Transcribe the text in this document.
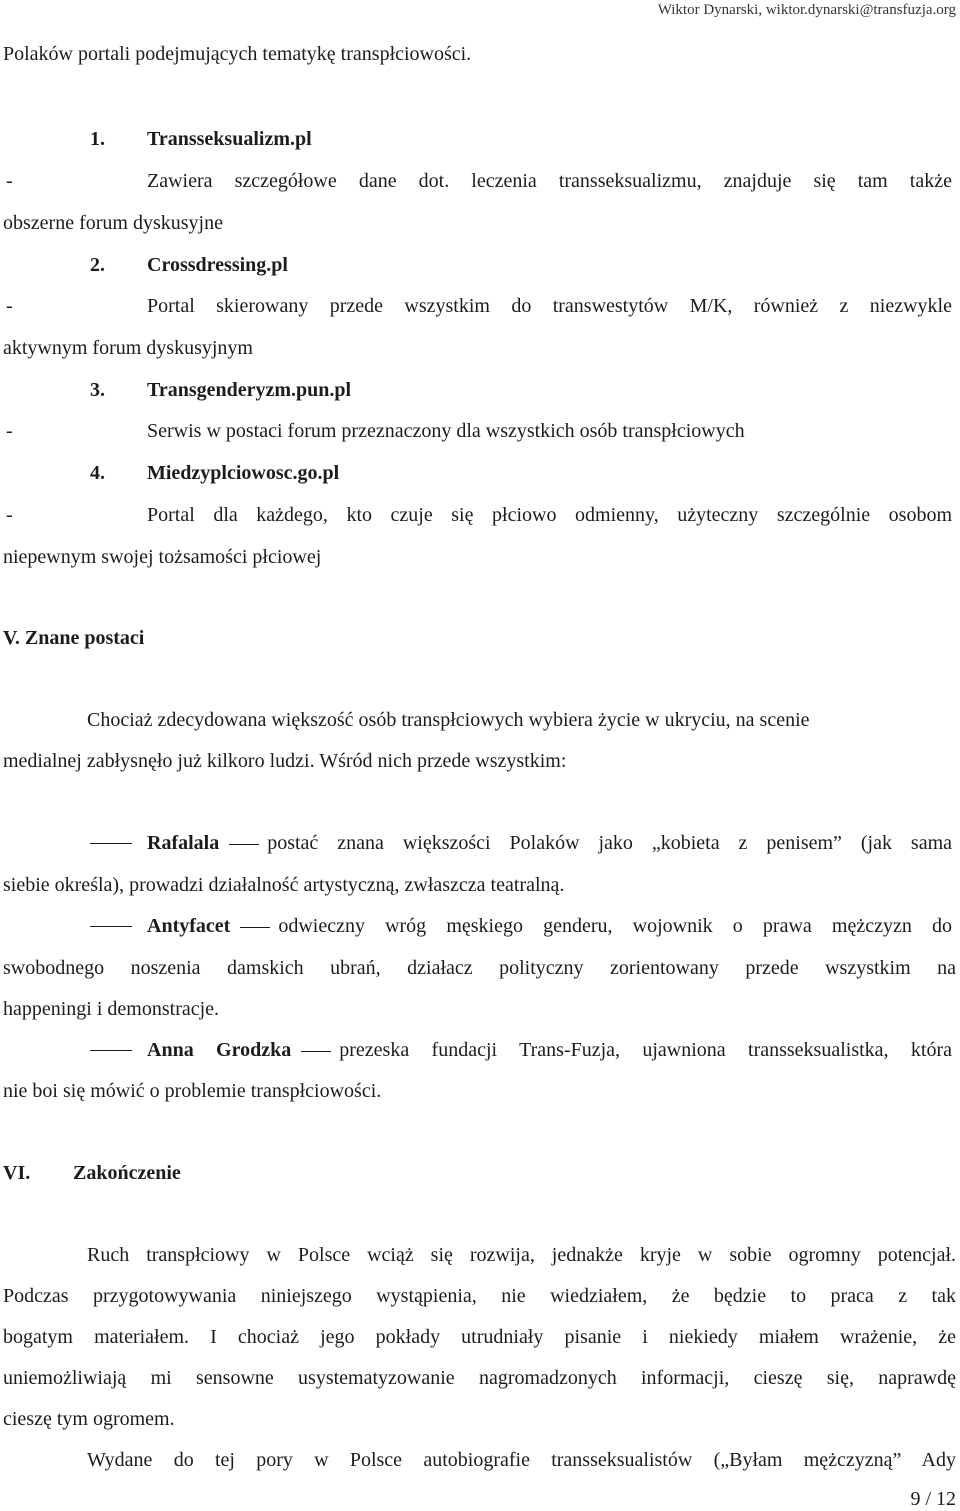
Wiktor Dynarski, wiktor.dynarski@transfuzja.org
Polaków portali podejmujących tematykę transpłciowości.
1. Transseksualizm.pl
-	Zawiera szczegółowe dane dot. leczenia transseksualizmu, znajduje się tam także
obszerne forum dyskusyjne
2. Crossdressing.pl
-	Portal skierowany przede wszystkim do transwestytów M/K, również z niezwykle
aktywnym forum dyskusyjnym
3. Transgenderyzm.pun.pl
-	Serwis w postaci forum przeznaczony dla wszystkich osób transpłciowych
4. Miedzyplciowosc.go.pl
-	Portal dla każdego, kto czuje się płciowo odmienny, użyteczny szczególnie osobom
niepewnym swojej tożsamości płciowej
V. Znane postaci
Chociaż zdecydowana większość osób transpłciowych wybiera życie w ukryciu, na scenie
medialnej zabłysnęło już kilkoro ludzi. Wśród nich przede wszystkim:
Rafalala postać znana większości Polaków jako „kobieta z penisem” (jak sama
siebie określa), prowadzi działalność artystyczną, zwłaszcza teatralną.
Antyfacet odwieczny wróg męskiego genderu, wojownik o prawa mężczyzn do
swobodnego noszenia damskich ubrań, działacz polityczny zorientowany przede wszystkim na
happeningi i demonstracje.
Anna Grodzka prezeska fundacji Trans-Fuzja, ujawniona transseksualistka, która
nie boi się mówić o problemie transpłciowości.
VI. Zakończenie
Ruch transpłciowy w Polsce wciąż się rozwija, jednakże kryje w sobie ogromny potencjał.
Podczas przygotowywania niniejszego wystąpienia, nie wiedziałem, że będzie to praca z tak
bogatym materiałem. I chociaż jego pokłady utrudniały pisanie i niekiedy miałem wrażenie, że
uniemożliwiają mi sensowne usystematyzowanie nagromadzonych informacji, cieszę się, naprawdę
cieszę tym ogromem.
Wydane do tej pory w Polsce autobiografie transseksualistów („Byłam mężczyzną” Ady
9 / 12
